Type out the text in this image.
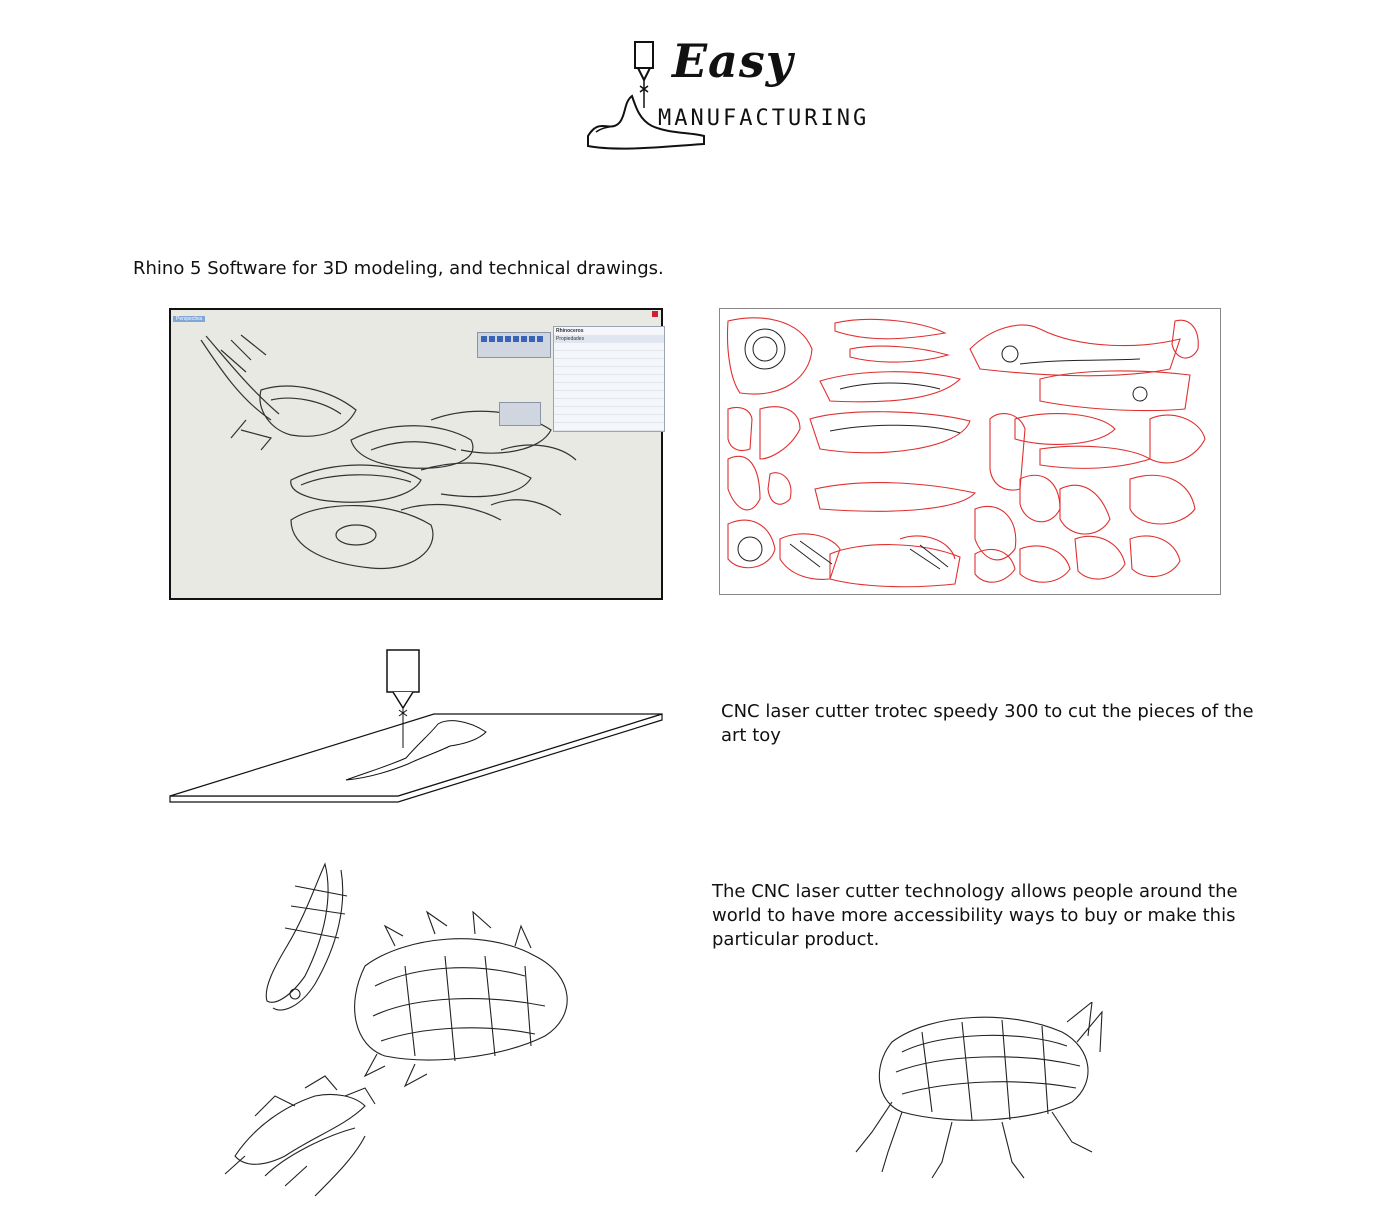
Easy
MANUFACTURING
Rhino 5 Software for 3D modeling, and technical drawings.
Perspectiva
Rhinoceros
Propiedades
CNC laser cutter trotec speedy 300 to cut the pieces of the art toy
The CNC laser cutter technology allows people around the world to have more accessibility ways to buy or make this particular product.
